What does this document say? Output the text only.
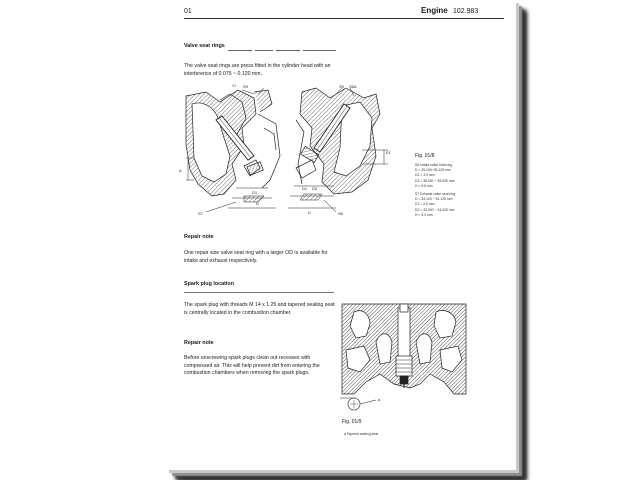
01	Engine 102.983
Valve seat rings
The valve seat rings are press fitted in the cylinder head with an interference of 0.075 ~ 0.120 mm.
S1 S9	S5 S6A
A
E1
D1
D
S7
D1 D2
D	S6
Fig. 01/8
S6 Intake valve seat ring
D = 39.100~39.125 mm
D1 = 3.9 mm
D2 = 38.000 ~ 39.025 mm
H = 5.6 mm
S7 Exhaust valve seat ring
D = 34.100 ~ 34.125 mm
D1 = 2.6 mm
D2 = 33.000 ~ 34.025 mm
H = 5.4 mm
Repair note
One repair size valve seat ring with a larger OD is available for intake and exhaust respectively.
Spark plug location
The spark plug with threads M 14 x 1.25 and tapered sealing seat is centrally located in the combustion chamber.
Repair note
Before unscrewing spark plugs clean out recesses with compressed air. This will help prevent dirt from entering the combustion chambers when removing the spark plugs.
a
Fig. 01/9
a Tapered sealing seat
